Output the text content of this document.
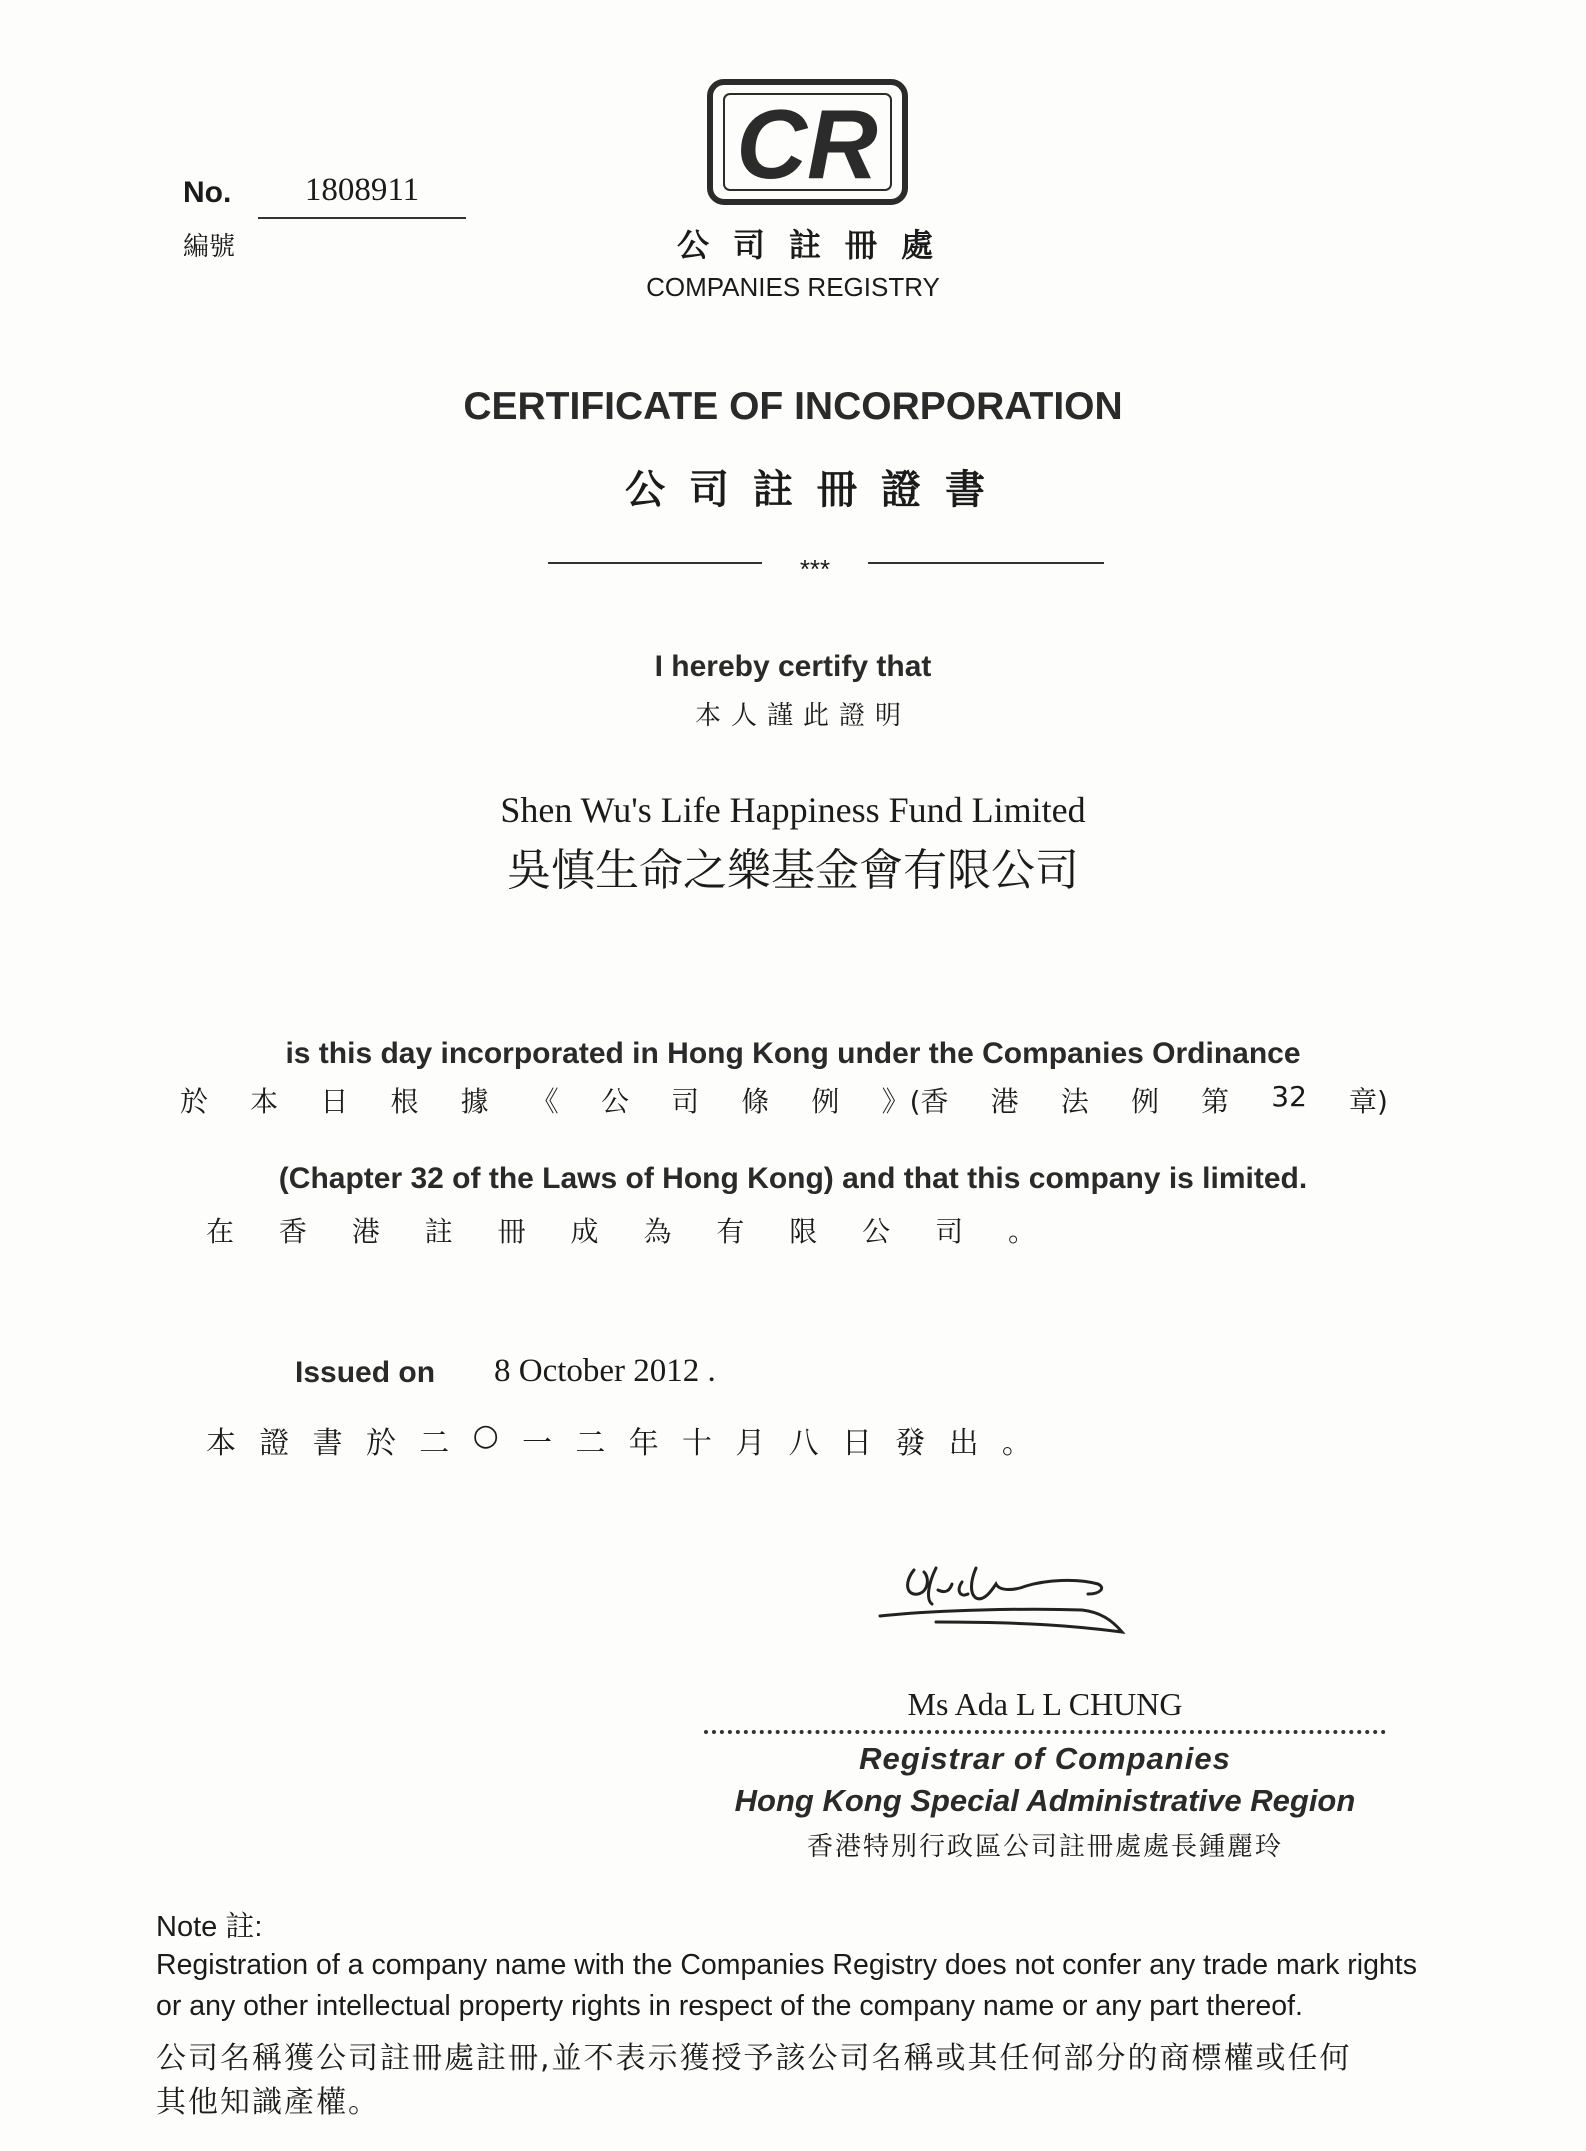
No.	1808911
編號
CR
公司註冊處
COMPANIES REGISTRY
CERTIFICATE OF INCORPORATION
公司註冊證書
***
I hereby certify that
本人謹此證明
Shen Wu's Life Happiness Fund Limited
吳慎生命之樂基金會有限公司
is this day incorporated in Hong Kong under the Companies Ordinance
於 本 日 根 據 《 公 司 條 例 》(香 港 法 例 第 32 章)
(Chapter 32 of the Laws of Hong Kong) and that this company is limited.
在 香 港 註 冊 成 為 有 限 公 司 。
Issued on 8 October 2012 .
本 證 書 於 二 ○ 一 二 年 十 月 八 日 發 出 。
Ms Ada L L CHUNG
Registrar of Companies
Hong Kong Special Administrative Region
香港特別行政區公司註冊處處長鍾麗玲
Note 註:
Registration of a company name with the Companies Registry does not confer any trade mark rights
or any other intellectual property rights in respect of the company name or any part thereof.
公司名稱獲公司註冊處註冊,並不表示獲授予該公司名稱或其任何部分的商標權或任何
其他知識產權。
